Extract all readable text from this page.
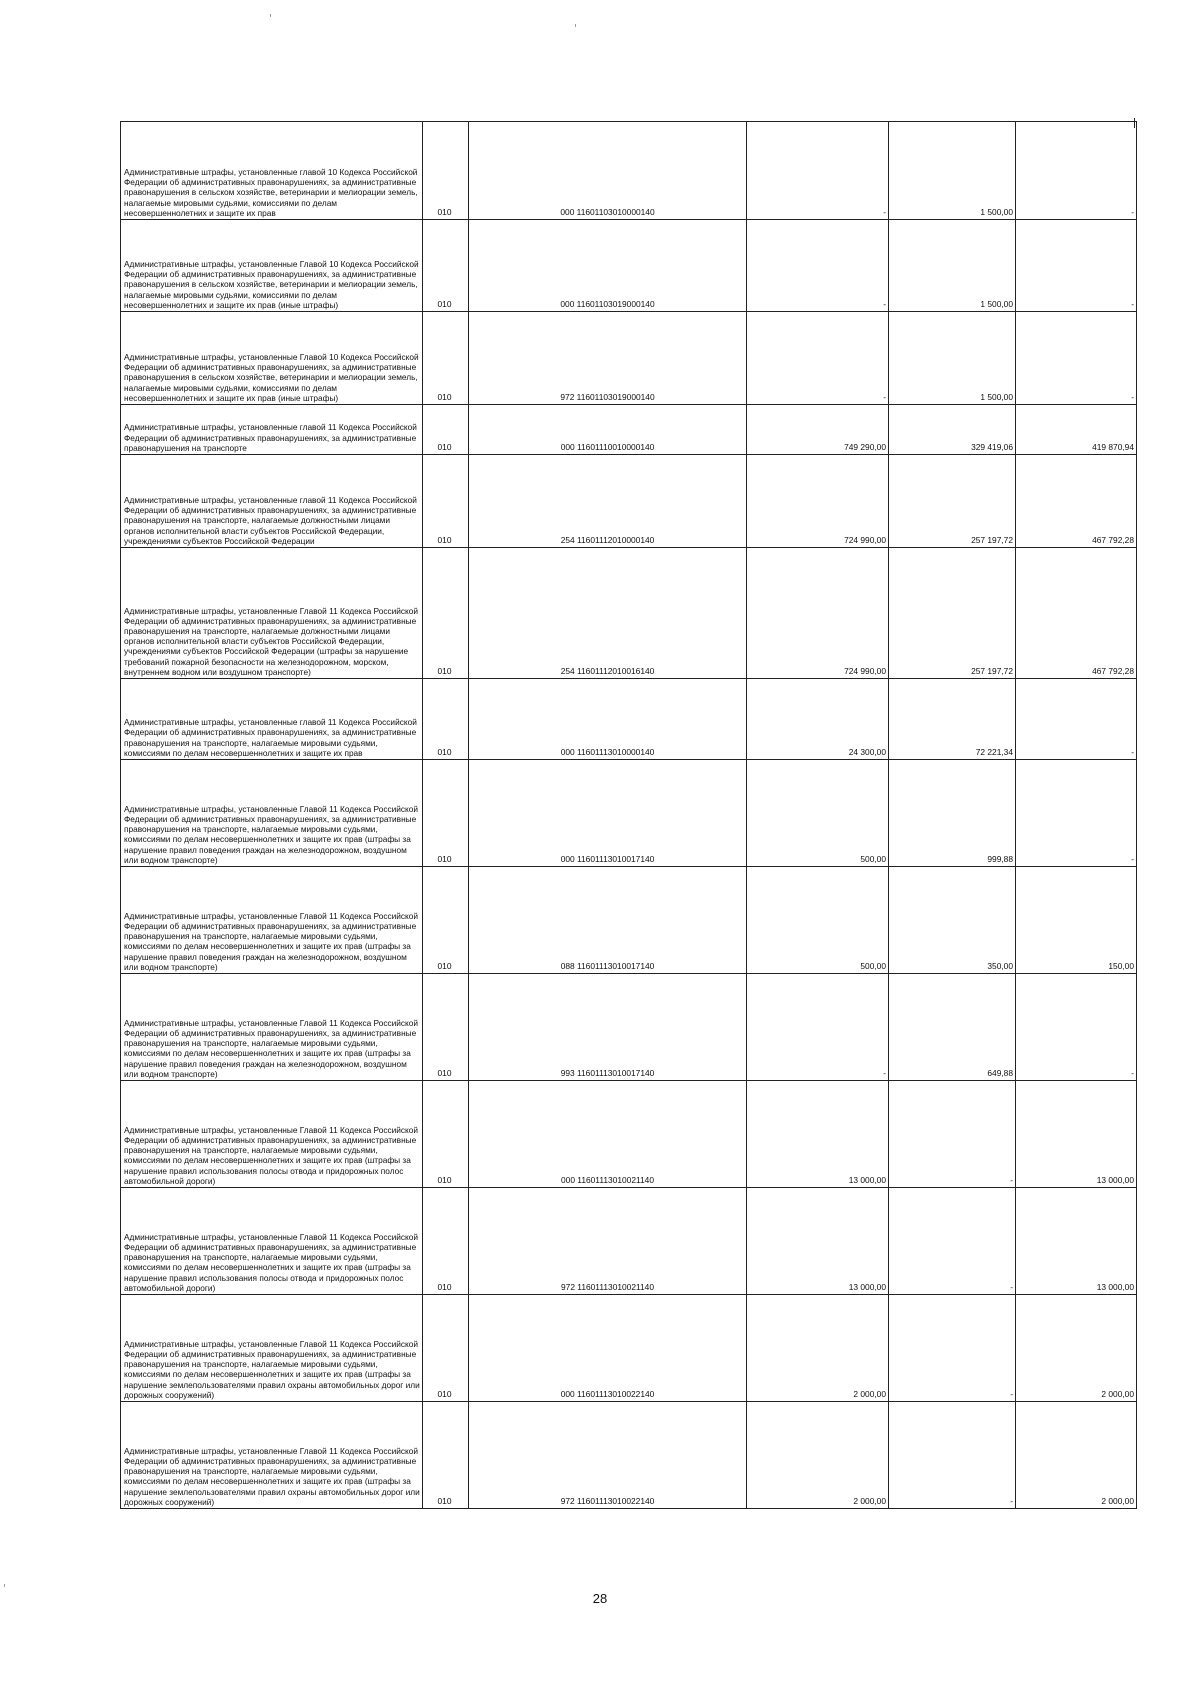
Административные штрафы, установленные главой 10 Кодекса Российской Федерации об административных правонарушениях, за административные правонарушения в сельском хозяйстве, ветеринарии и мелиорации земель, налагаемые мировыми судьями, комиссиями по делам несовершеннолетних и защите их прав	010	000 11601103010000140	-	1 500,00	-
Административные штрафы, установленные Главой 10 Кодекса Российской Федерации об административных правонарушениях, за административные правонарушения в сельском хозяйстве, ветеринарии и мелиорации земель, налагаемые мировыми судьями, комиссиями по делам несовершеннолетних и защите их прав (иные штрафы)	010	000 11601103019000140	-	1 500,00	-
Административные штрафы, установленные Главой 10 Кодекса Российской Федерации об административных правонарушениях, за административные правонарушения в сельском хозяйстве, ветеринарии и мелиорации земель, налагаемые мировыми судьями, комиссиями по делам несовершеннолетних и защите их прав (иные штрафы)	010	972 11601103019000140	-	1 500,00	-
Административные штрафы, установленные главой 11 Кодекса Российской Федерации об административных правонарушениях, за административные правонарушения на транспорте	010	000 11601110010000140	749 290,00	329 419,06	419 870,94
Административные штрафы, установленные главой 11 Кодекса Российской Федерации об административных правонарушениях, за административные правонарушения на транспорте, налагаемые должностными лицами органов исполнительной власти субъектов Российской Федерации, учреждениями субъектов Российской Федерации	010	254 11601112010000140	724 990,00	257 197,72	467 792,28
Административные штрафы, установленные Главой 11 Кодекса Российской Федерации об административных правонарушениях, за административные правонарушения на транспорте, налагаемые должностными лицами органов исполнительной власти субъектов Российской Федерации, учреждениями субъектов Российской Федерации (штрафы за нарушение требований пожарной безопасности на железнодорожном, морском, внутреннем водном или воздушном транспорте)	010	254 11601112010016140	724 990,00	257 197,72	467 792,28
Административные штрафы, установленные главой 11 Кодекса Российской Федерации об административных правонарушениях, за административные правонарушения на транспорте, налагаемые мировыми судьями, комиссиями по делам несовершеннолетних и защите их прав	010	000 11601113010000140	24 300,00	72 221,34	-
Административные штрафы, установленные Главой 11 Кодекса Российской Федерации об административных правонарушениях, за административные правонарушения на транспорте, налагаемые мировыми судьями, комиссиями по делам несовершеннолетних и защите их прав (штрафы за нарушение правил поведения граждан на железнодорожном, воздушном или водном транспорте)	010	000 11601113010017140	500,00	999,88	-
Административные штрафы, установленные Главой 11 Кодекса Российской Федерации об административных правонарушениях, за административные правонарушения на транспорте, налагаемые мировыми судьями, комиссиями по делам несовершеннолетних и защите их прав (штрафы за нарушение правил поведения граждан на железнодорожном, воздушном или водном транспорте)	010	088 11601113010017140	500,00	350,00	150,00
Административные штрафы, установленные Главой 11 Кодекса Российской Федерации об административных правонарушениях, за административные правонарушения на транспорте, налагаемые мировыми судьями, комиссиями по делам несовершеннолетних и защите их прав (штрафы за нарушение правил поведения граждан на железнодорожном, воздушном или водном транспорте)	010	993 11601113010017140	-	649,88	-
Административные штрафы, установленные Главой 11 Кодекса Российской Федерации об административных правонарушениях, за административные правонарушения на транспорте, налагаемые мировыми судьями, комиссиями по делам несовершеннолетних и защите их прав (штрафы за нарушение правил использования полосы отвода и придорожных полос автомобильной дороги)	010	000 11601113010021140	13 000,00	-	13 000,00
Административные штрафы, установленные Главой 11 Кодекса Российской Федерации об административных правонарушениях, за административные правонарушения на транспорте, налагаемые мировыми судьями, комиссиями по делам несовершеннолетних и защите их прав (штрафы за нарушение правил использования полосы отвода и придорожных полос автомобильной дороги)	010	972 11601113010021140	13 000,00	-	13 000,00
Административные штрафы, установленные Главой 11 Кодекса Российской Федерации об административных правонарушениях, за административные правонарушения на транспорте, налагаемые мировыми судьями, комиссиями по делам несовершеннолетних и защите их прав (штрафы за нарушение землепользователями правил охраны автомобильных дорог или дорожных сооружений)	010	000 11601113010022140	2 000,00	-	2 000,00
Административные штрафы, установленные Главой 11 Кодекса Российской Федерации об административных правонарушениях, за административные правонарушения на транспорте, налагаемые мировыми судьями, комиссиями по делам несовершеннолетних и защите их прав (штрафы за нарушение землепользователями правил охраны автомобильных дорог или дорожных сооружений)	010	972 11601113010022140	2 000,00	-	2 000,00
28
